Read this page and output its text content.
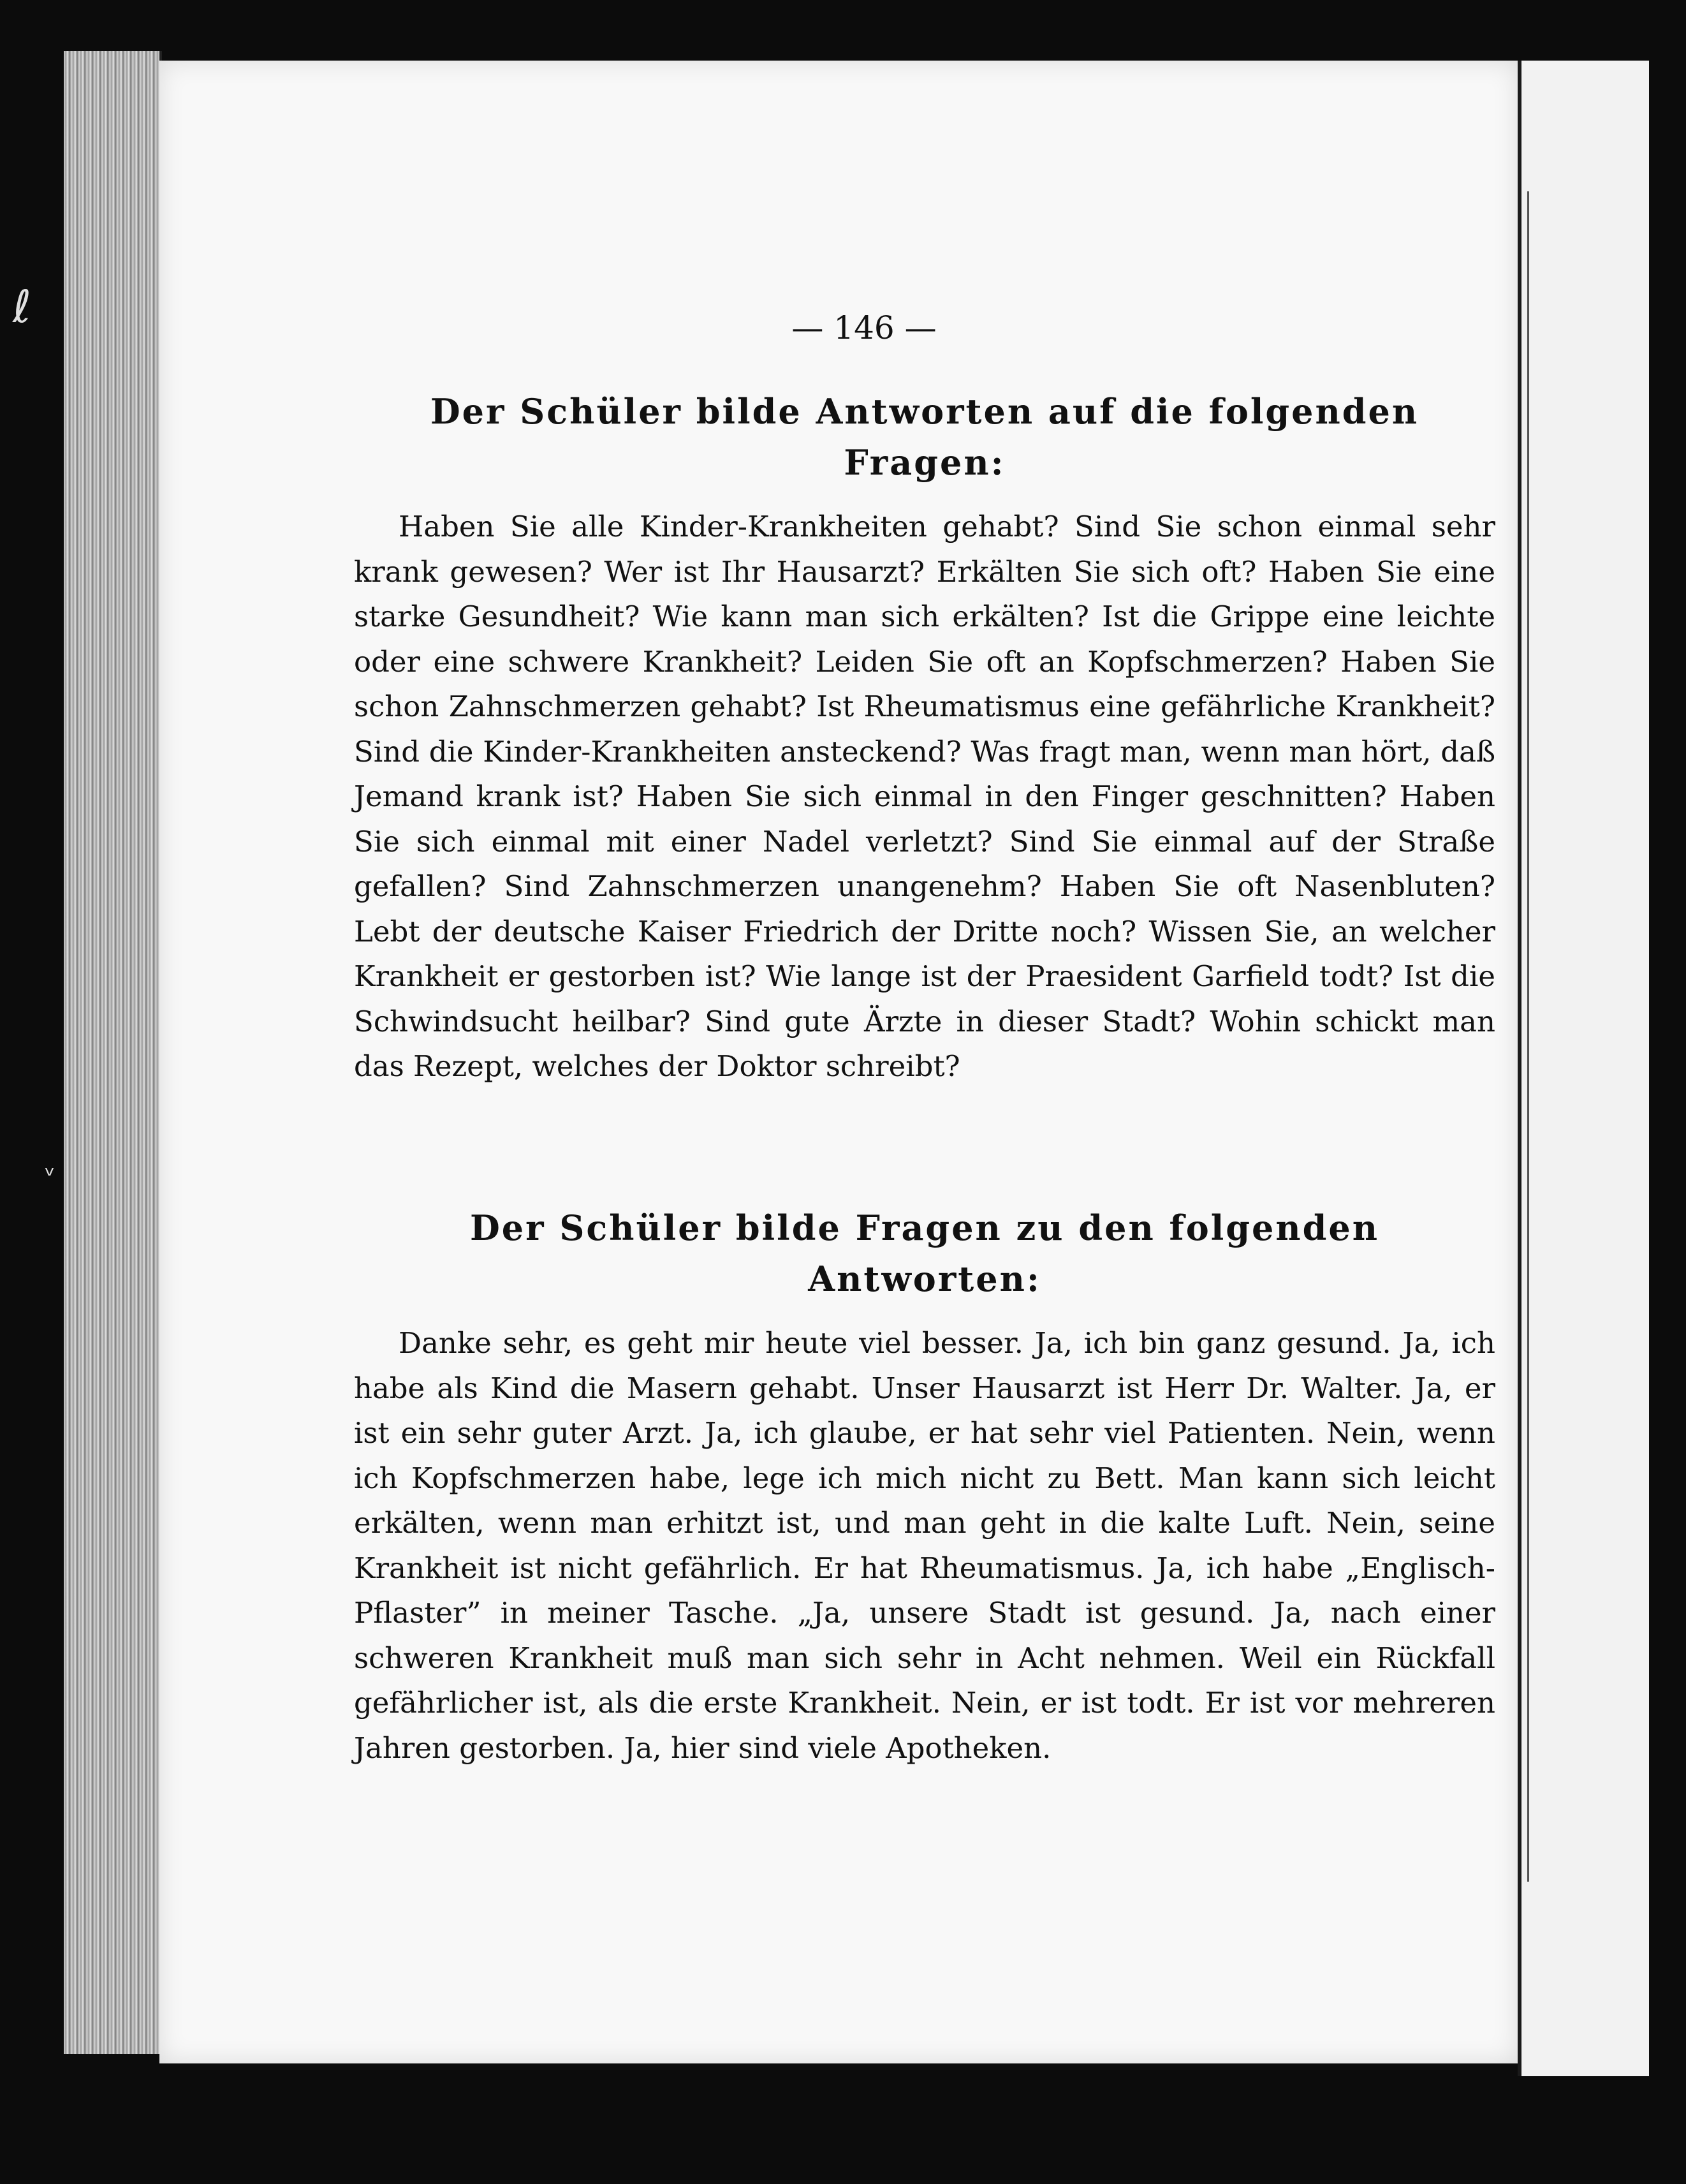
ℓ
ᵛ
— 146 —
Der Schüler bilde Antworten auf die folgenden Fragen:

Haben Sie alle Kinder-Krankheiten gehabt? Sind Sie schon einmal sehr krank gewesen? Wer ist Ihr Hausarzt? Erkälten Sie sich oft? Haben Sie eine starke Gesundheit? Wie kann man sich erkälten? Ist die Grippe eine leichte oder eine schwere Krankheit? Leiden Sie oft an Kopfschmerzen? Haben Sie schon Zahnschmerzen gehabt? Ist Rheumatismus eine gefährliche Krankheit? Sind die Kinder-Krankheiten ansteckend? Was fragt man, wenn man hört, daß Jemand krank ist? Haben Sie sich einmal in den Finger geschnitten? Haben Sie sich einmal mit einer Nadel verletzt? Sind Sie einmal auf der Straße gefallen? Sind Zahnschmerzen unangenehm? Haben Sie oft Nasenbluten? Lebt der deutsche Kaiser Friedrich der Dritte noch? Wissen Sie, an welcher Krankheit er gestorben ist? Wie lange ist der Praesident Garfield todt? Ist die Schwindsucht heilbar? Sind gute Ärzte in dieser Stadt? Wohin schickt man das Rezept, welches der Doktor schreibt?

Der Schüler bilde Fragen zu den folgenden Antworten:

Danke sehr, es geht mir heute viel besser. Ja, ich bin ganz gesund. Ja, ich habe als Kind die Masern gehabt. Unser Hausarzt ist Herr Dr. Walter. Ja, er ist ein sehr guter Arzt. Ja, ich glaube, er hat sehr viel Patienten. Nein, wenn ich Kopfschmerzen habe, lege ich mich nicht zu Bett. Man kann sich leicht erkälten, wenn man erhitzt ist, und man geht in die kalte Luft. Nein, seine Krankheit ist nicht gefährlich. Er hat Rheumatismus. Ja, ich habe „Englisch-Pflaster” in meiner Tasche. „Ja, unsere Stadt ist gesund. Ja, nach einer schweren Krankheit muß man sich sehr in Acht nehmen. Weil ein Rückfall gefährlicher ist, als die erste Krankheit. Nein, er ist todt. Er ist vor mehreren Jahren gestorben. Ja, hier sind viele Apotheken.
